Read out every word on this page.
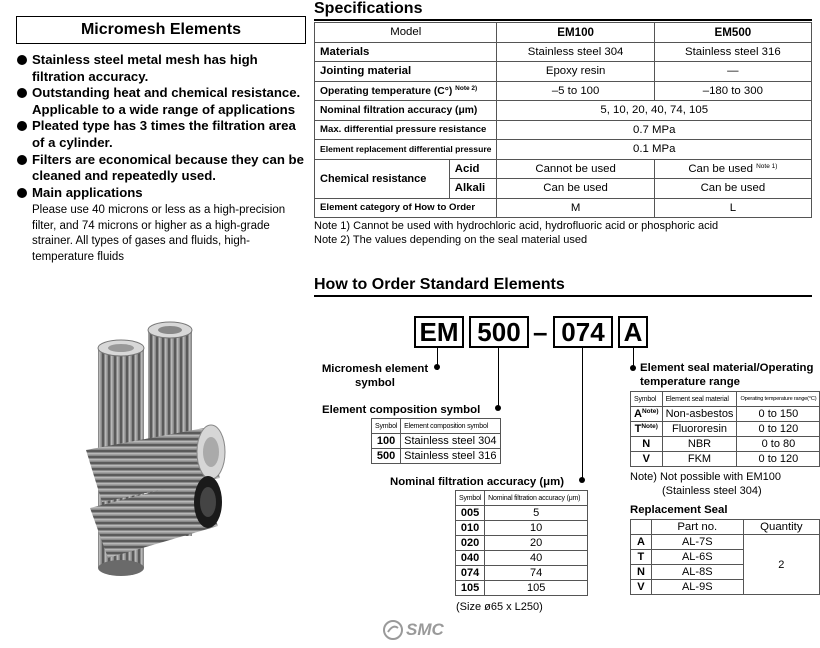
Micromesh Elements
Stainless steel metal mesh has high filtration accuracy.
Outstanding heat and chemical resistance. Applicable to a wide range of applications
Pleated type has 3 times the filtration area of a cylinder.
Filters are economical because they can be cleaned and repeatedly used.
Main applications
Please use 40 microns or less as a high-precision filter, and 74 microns or higher as a high-grade strainer. All types of gases and fluids, high-temperature fluids
Specifications
Model		EM100	EM500
Materials		Stainless steel 304	Stainless steel 316
Jointing material		Epoxy resin	—
Operating temperature (C°) $^{Note 2)}$		–5 to 100	–180 to 300
Nominal filtration accuracy (μm)		5, 10, 20, 40, 74, 105	
Max. differential pressure resistance		0.7 MPa	
Element replacement differential pressure		0.1 MPa	
Chemical resistance	Acid	Cannot be used	Can be used $^{Note 1)}$
	Alkali	Can be used	Can be used
Element category of How to Order		M	L
Note 1) Cannot be used with hydrochloric acid, hydrofluoric acid or phosphoric acid
Note 2) The values depending on the seal material used
How to Order Standard Elements
EM 500 – 074 A
Micromesh element symbol
Element composition symbol
Nominal filtration accuracy (μm)
Element seal material/Operating temperature range
Symbol	Element composition symbol
100	Stainless steel 304
500	Stainless steel 316
Symbol	Nominal filtration accuracy (μm)
005	5
010	10
020	20
040	40
074	74
105	105
(Size ø65 x L250)
Symbol	Element seal material	Operating temperature range(°C)
$A^{Note)}$	Non-asbestos	0 to 150
$T^{Note)}$	Fluororesin	0 to 120
N	NBR	0 to 80
V	FKM	0 to 120
Note) Not possible with EM100
(Stainless steel 304)
Replacement Seal
	Part no.	Quantity
A	AL-7S	2
T	AL-6S	
N	AL-8S	
V	AL-9S	
SMC
